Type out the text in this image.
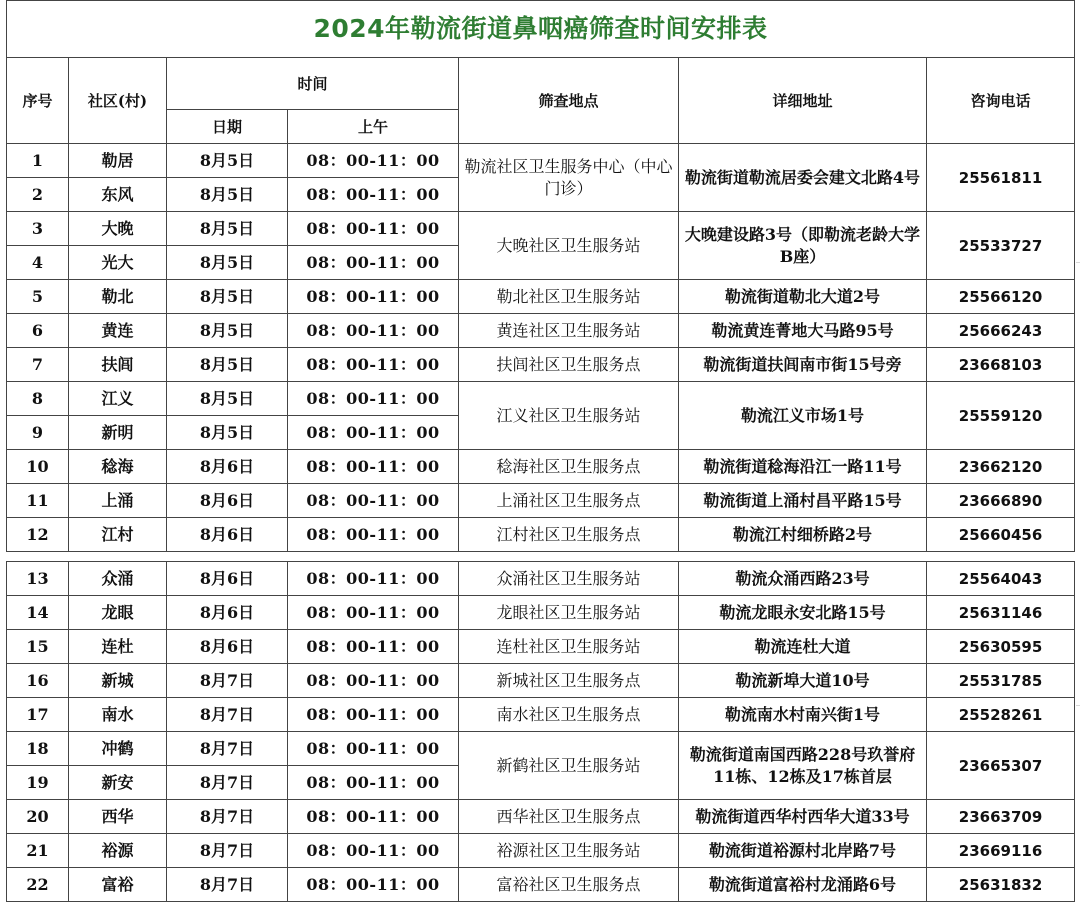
2024年勒流街道鼻咽癌筛查时间安排表						
序号	社区(村)	时间		筛查地点	详细地址	咨询电话
		日期	上午			
1	勒居	8月5日	08：00-11：00	勒流社区卫生服务中心（中心门诊）	勒流街道勒流居委会建文北路4号	25561811
2	东风	8月5日	08：00-11：00			
3	大晚	8月5日	08：00-11：00	大晚社区卫生服务站	大晚建设路3号（即勒流老龄大学B座）	25533727
4	光大	8月5日	08：00-11：00			
5	勒北	8月5日	08：00-11：00	勒北社区卫生服务站	勒流街道勒北大道2号	25566120
6	黄连	8月5日	08：00-11：00	黄连社区卫生服务站	勒流黄连菁地大马路95号	25666243
7	扶闾	8月5日	08：00-11：00	扶闾社区卫生服务点	勒流街道扶闾南市街15号旁	23668103
8	江义	8月5日	08：00-11：00	江义社区卫生服务站	勒流江义市场1号	25559120
9	新明	8月5日	08：00-11：00			
10	稔海	8月6日	08：00-11：00	稔海社区卫生服务点	勒流街道稔海沿江一路11号	23662120
11	上涌	8月6日	08：00-11：00	上涌社区卫生服务点	勒流街道上涌村昌平路15号	23666890
12	江村	8月6日	08：00-11：00	江村社区卫生服务点	勒流江村细桥路2号	25660456

13	众涌	8月6日	08：00-11：00	众涌社区卫生服务站	勒流众涌西路23号	25564043
14	龙眼	8月6日	08：00-11：00	龙眼社区卫生服务站	勒流龙眼永安北路15号	25631146
15	连杜	8月6日	08：00-11：00	连杜社区卫生服务站	勒流连杜大道	25630595
16	新城	8月7日	08：00-11：00	新城社区卫生服务点	勒流新埠大道10号	25531785
17	南水	8月7日	08：00-11：00	南水社区卫生服务点	勒流南水村南兴街1号	25528261
18	冲鹤	8月7日	08：00-11：00	新鹤社区卫生服务站	勒流街道南国西路228号玖誉府11栋、12栋及17栋首层	23665307
19	新安	8月7日	08：00-11：00			
20	西华	8月7日	08：00-11：00	西华社区卫生服务点	勒流街道西华村西华大道33号	23663709
21	裕源	8月7日	08：00-11：00	裕源社区卫生服务站	勒流街道裕源村北岸路7号	23669116
22	富裕	8月7日	08：00-11：00	富裕社区卫生服务点	勒流街道富裕村龙涌路6号	25631832
